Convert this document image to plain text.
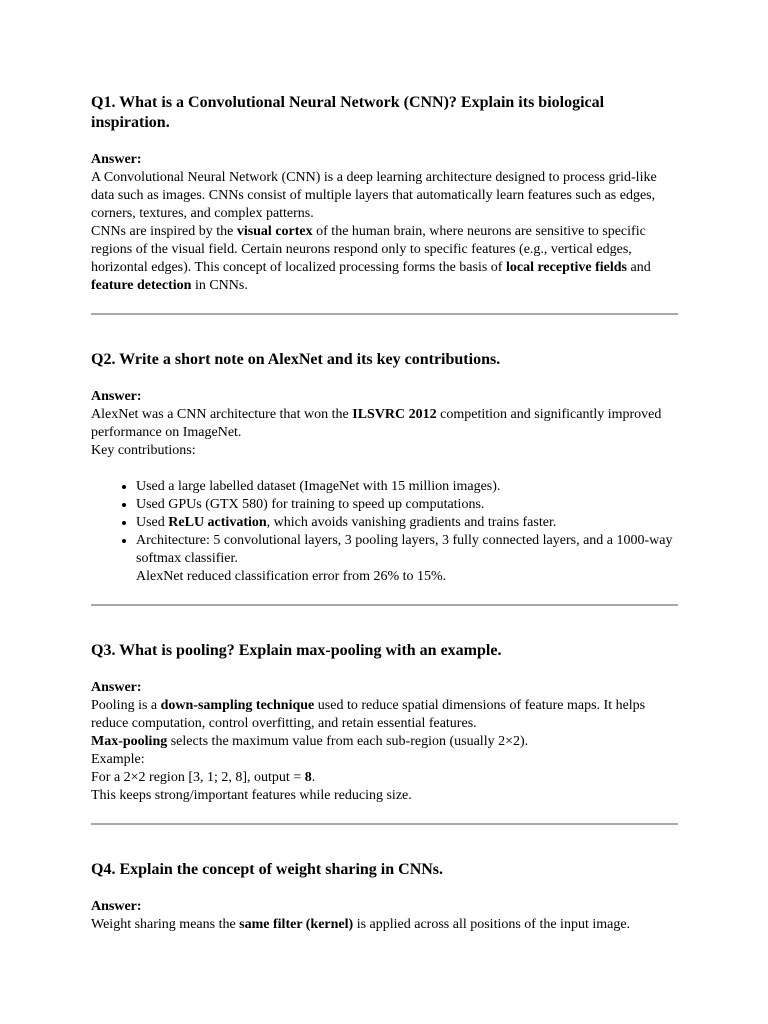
Q1. What is a Convolutional Neural Network (CNN)? Explain its biological inspiration.

Answer:

A Convolutional Neural Network (CNN) is a deep learning architecture designed to process grid-like data such as images. CNNs consist of multiple layers that automatically learn features such as edges, corners, textures, and complex patterns.

CNNs are inspired by the visual cortex of the human brain, where neurons are sensitive to specific regions of the visual field. Certain neurons respond only to specific features (e.g., vertical edges, horizontal edges). This concept of localized processing forms the basis of local receptive fields and feature detection in CNNs.

Q2. Write a short note on AlexNet and its key contributions.

Answer:

AlexNet was a CNN architecture that won the ILSVRC 2012 competition and significantly improved performance on ImageNet.

Key contributions:

• Used a large labelled dataset (ImageNet with 15 million images).
• Used GPUs (GTX 580) for training to speed up computations.
• Used ReLU activation, which avoids vanishing gradients and trains faster.
• Architecture: 5 convolutional layers, 3 pooling layers, 3 fully connected layers, and a 1000-way softmax classifier.
AlexNet reduced classification error from 26% to 15%.
Q3. What is pooling? Explain max-pooling with an example.

Answer:

Pooling is a down-sampling technique used to reduce spatial dimensions of feature maps. It helps reduce computation, control overfitting, and retain essential features.

Max-pooling selects the maximum value from each sub-region (usually 2×2).

Example:

For a 2×2 region [3, 1; 2, 8], output = 8.

This keeps strong/important features while reducing size.

Q4. Explain the concept of weight sharing in CNNs.

Answer:

Weight sharing means the same filter (kernel) is applied across all positions of the input image.
